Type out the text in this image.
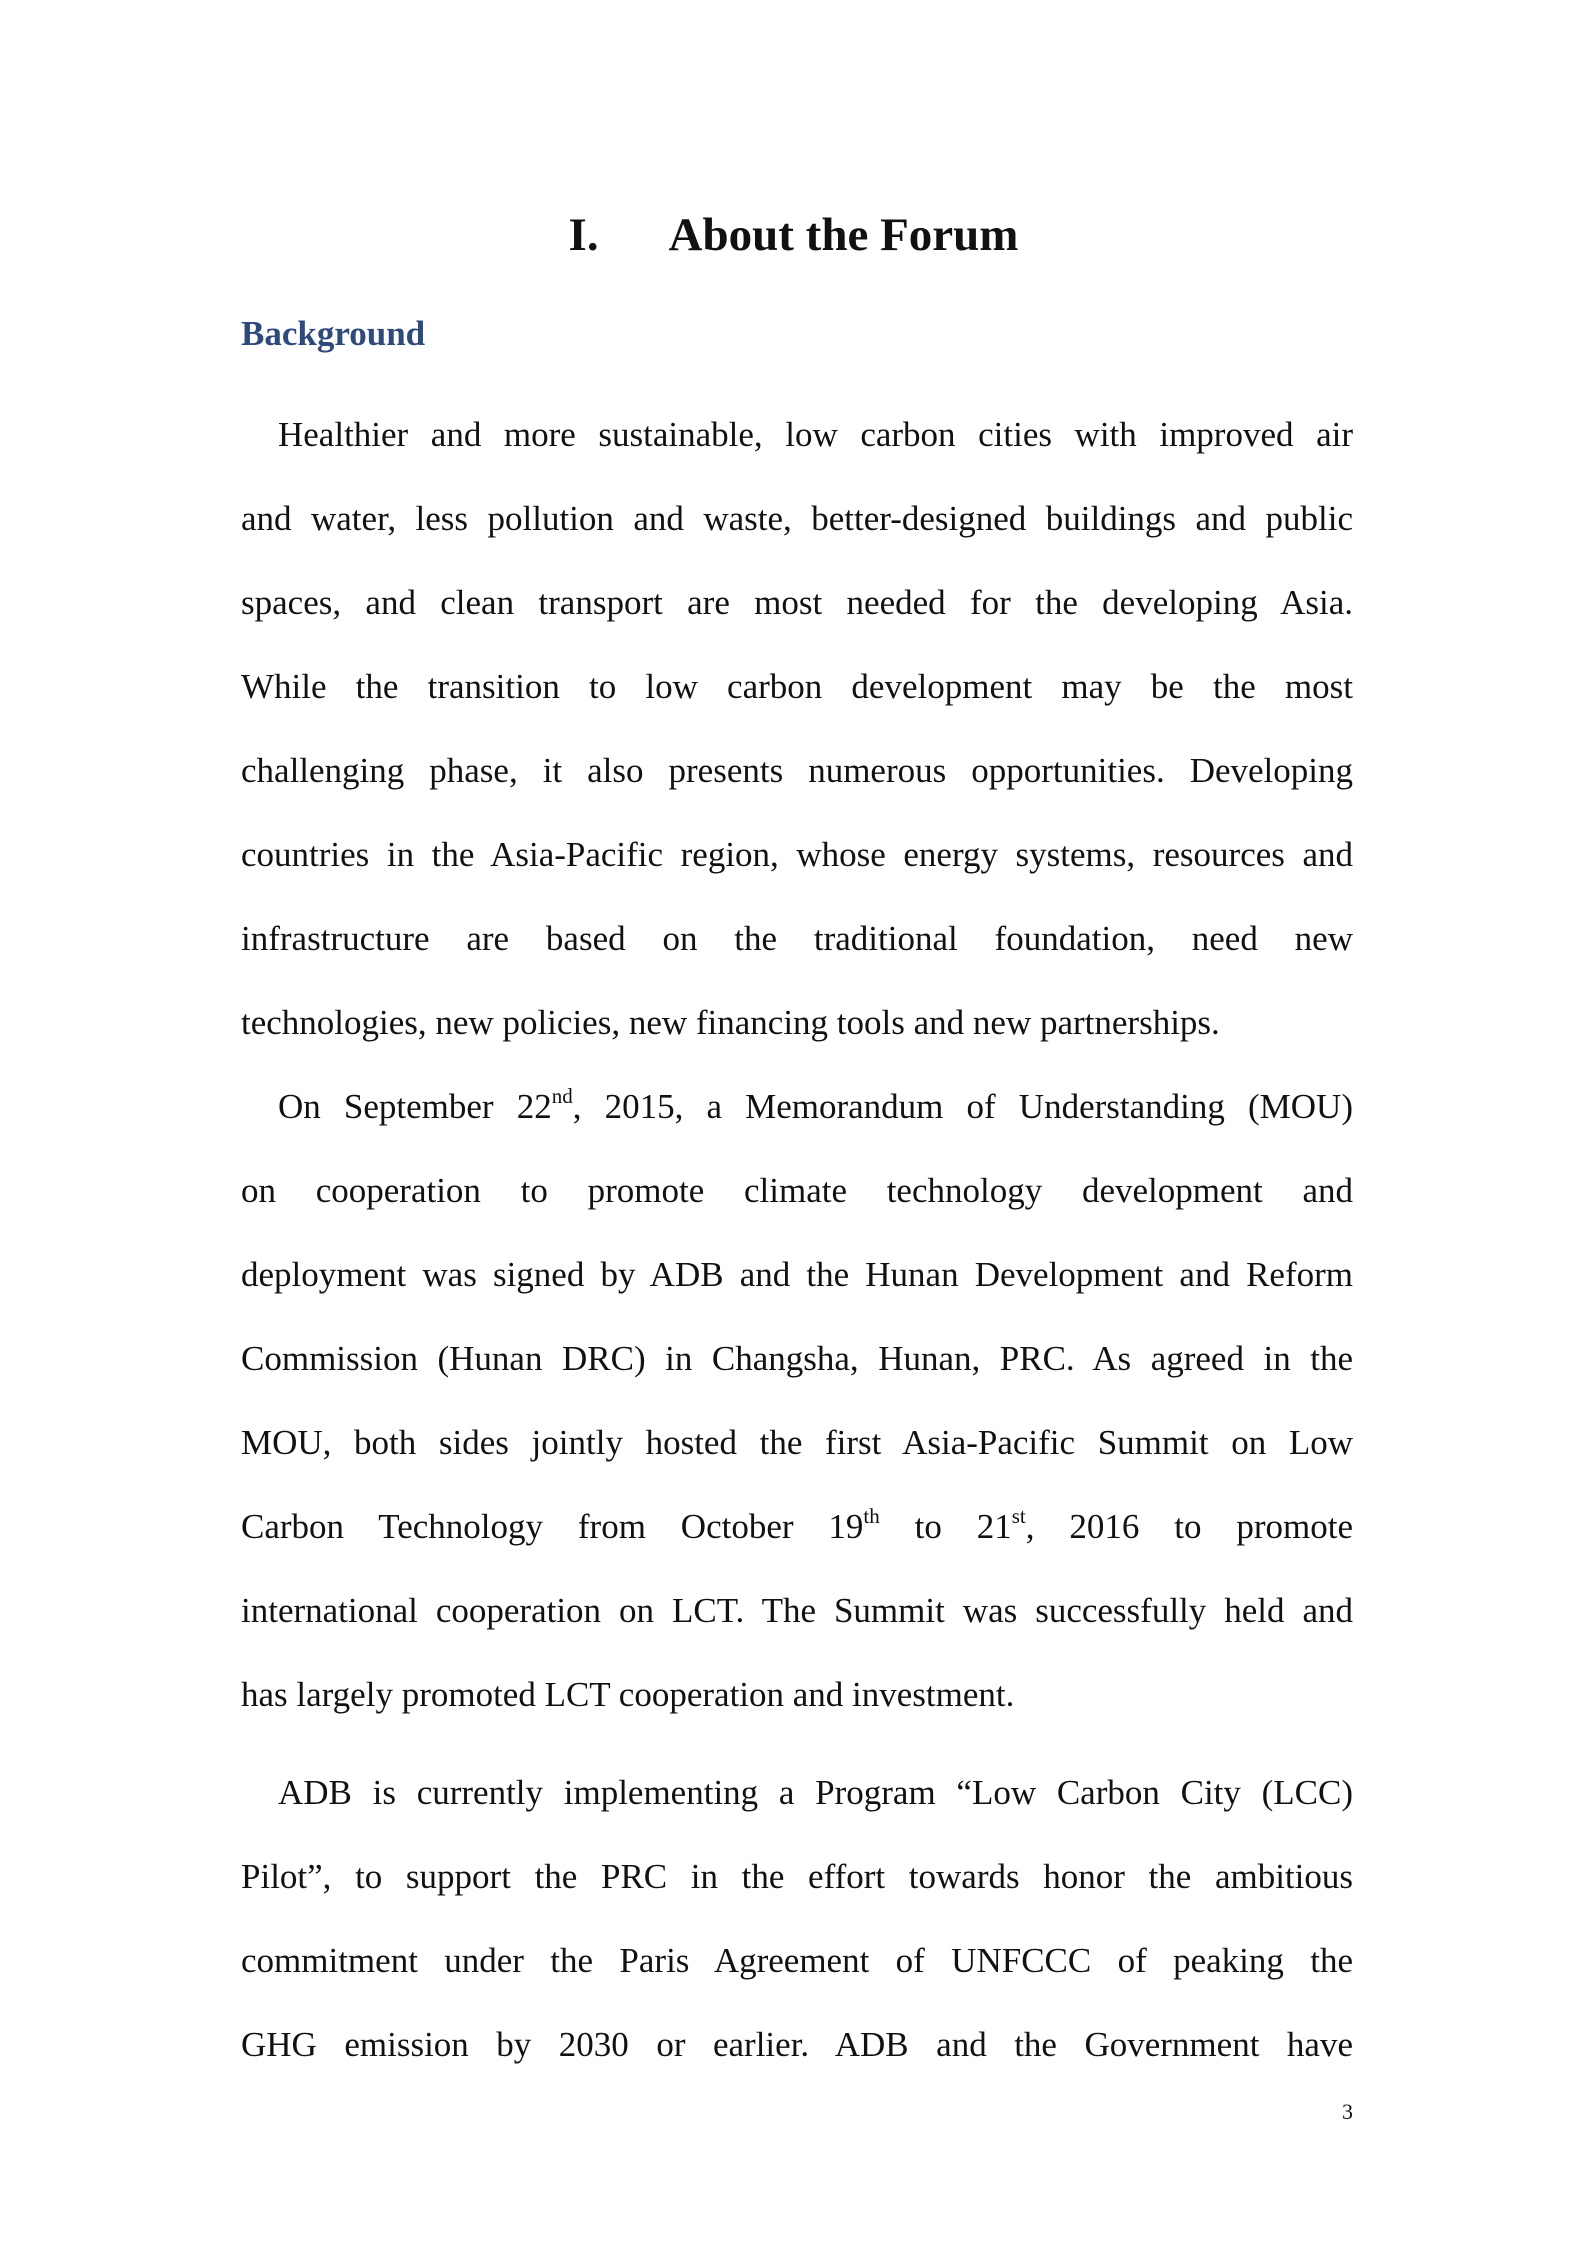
I. About the Forum
Background
Healthier and more sustainable, low carbon cities with improved air
and water, less pollution and waste, better-designed buildings and public
spaces, and clean transport are most needed for the developing Asia.
While the transition to low carbon development may be the most
challenging phase, it also presents numerous opportunities. Developing
countries in the Asia-Pacific region, whose energy systems, resources and
infrastructure are based on the traditional foundation, need new
technologies, new policies, new financing tools and new partnerships.
On September 22nd, 2015, a Memorandum of Understanding (MOU)
on cooperation to promote climate technology development and
deployment was signed by ADB and the Hunan Development and Reform
Commission (Hunan DRC) in Changsha, Hunan, PRC. As agreed in the
MOU, both sides jointly hosted the first Asia-Pacific Summit on Low
Carbon Technology from October 19th to 21st, 2016 to promote
international cooperation on LCT. The Summit was successfully held and
has largely promoted LCT cooperation and investment.
ADB is currently implementing a Program “Low Carbon City (LCC)
Pilot”, to support the PRC in the effort towards honor the ambitious
commitment under the Paris Agreement of UNFCCC of peaking the
GHG emission by 2030 or earlier. ADB and the Government have
3
